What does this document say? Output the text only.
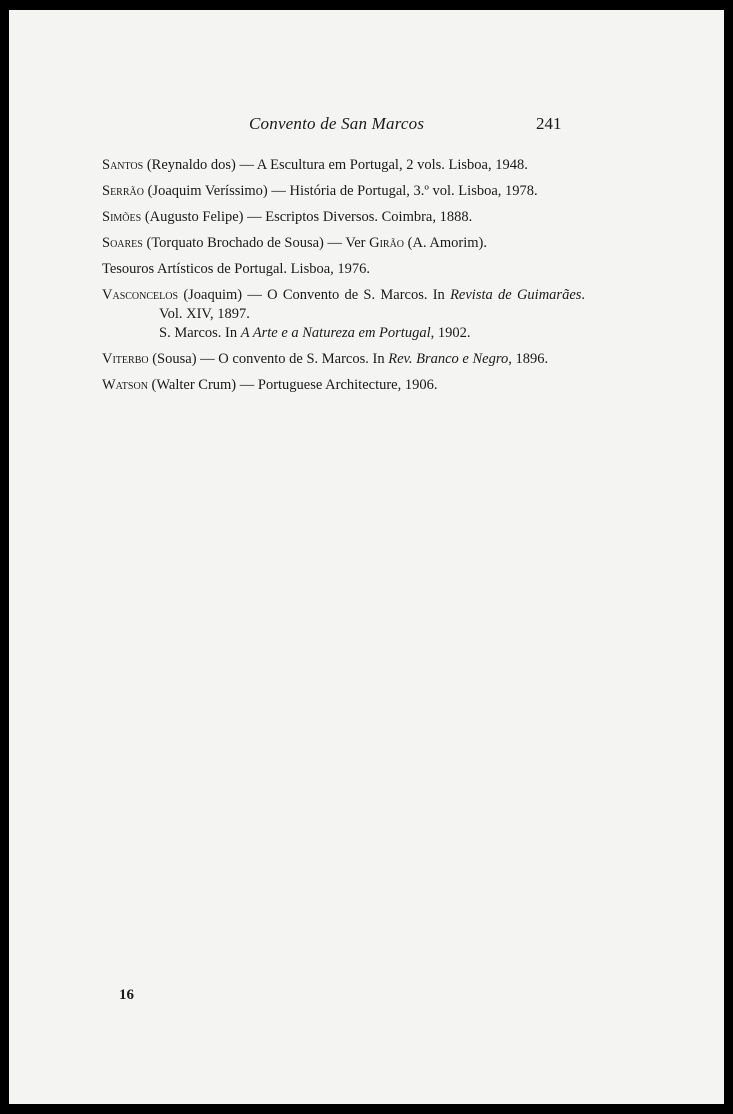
Convento de San Marcos	241

Santos (Reynaldo dos) — A Escultura em Portugal, 2 vols. Lisboa, 1948.

Serrão (Joaquim Veríssimo) — História de Portugal, 3.º vol. Lisboa, 1978.

Simões (Augusto Felipe) — Escriptos Diversos. Coimbra, 1888.

Soares (Torquato Brochado de Sousa) — Ver Girão (A. Amorim).

Tesouros Artísticos de Portugal. Lisboa, 1976.

Vasconcelos (Joaquim) — O Convento de S. Marcos. In Revista de Guimarães. Vol. XIV, 1897.
S. Marcos. In A Arte e a Natureza em Portugal, 1902.

Viterbo (Sousa) — O convento de S. Marcos. In Rev. Branco e Negro, 1896.

Watson (Walter Crum) — Portuguese Architecture, 1906.

16
